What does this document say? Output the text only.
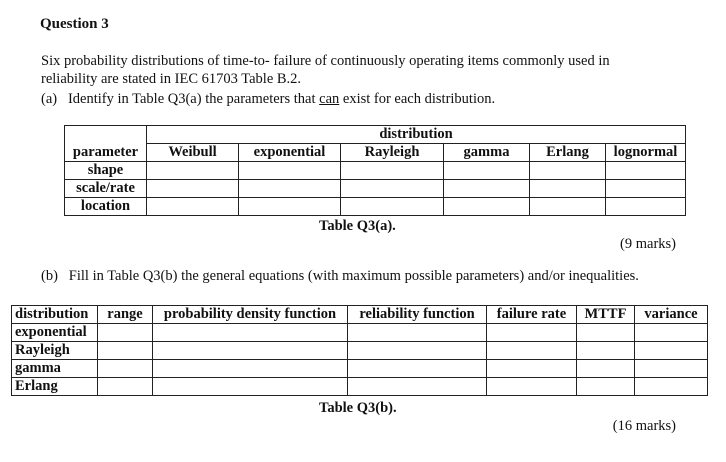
Question 3
Six probability distributions of time-to- failure of continuously operating items commonly used in
reliability are stated in IEC 61703 Table B.2.
(a) Identify in Table Q3(a) the parameters that can exist for each distribution.
	distribution					
parameter	Weibull	exponential	Rayleigh	gamma	Erlang	lognormal
shape						
scale/rate						
location						
Table Q3(a).
(9 marks)
(b) Fill in Table Q3(b) the general equations (with maximum possible parameters) and/or inequalities.
distribution	range	probability density function	reliability function	failure rate	MTTF	variance
exponential						
Rayleigh						
gamma						
Erlang						
Table Q3(b).
(16 marks)
